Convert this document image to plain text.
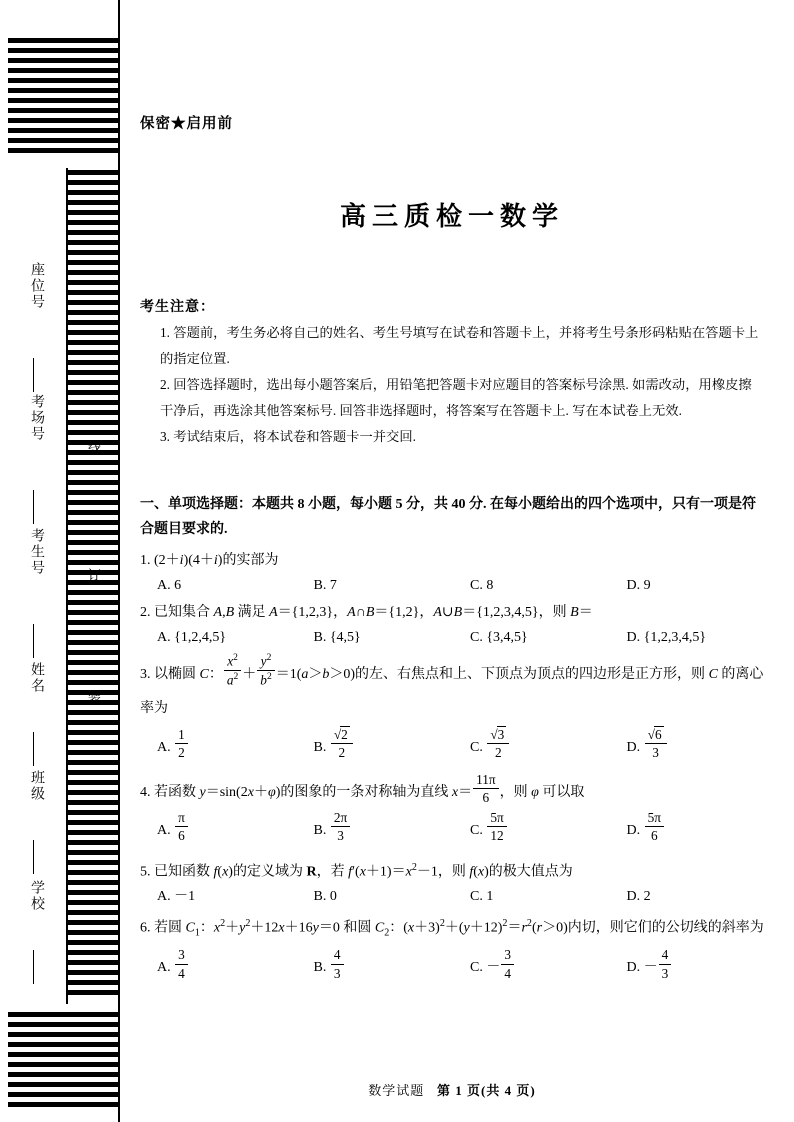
座位号
考场号
考生号
姓名
班级
学校
线
订
装
保密★启用前
高三质检一数学
考生注意：
1. 答题前，考生务必将自己的姓名、考生号填写在试卷和答题卡上，并将考生号条形码粘贴在答题卡上的指定位置.
2. 回答选择题时，选出每小题答案后，用铅笔把答题卡对应题目的答案标号涂黑. 如需改动，用橡皮擦干净后，再选涂其他答案标号. 回答非选择题时，将答案写在答题卡上. 写在本试卷上无效.
3. 考试结束后，将本试卷和答题卡一并交回.
一、单项选择题：本题共 8 小题，每小题 5 分，共 40 分. 在每小题给出的四个选项中，只有一项是符合题目要求的.
1. (2＋i)(4＋i)的实部为
A. 6	B. 7	C. 8	D. 9
2. 已知集合 A,B 满足 A＝{1,2,3}，A∩B＝{1,2}，A∪B＝{1,2,3,4,5}，则 B＝
A. {1,2,4,5}	B. {4,5}	C. {3,4,5}	D. {1,2,3,4,5}
3. 以椭圆 C： $\frac{x^2}{a^2} + \frac{y^2}{b^2} =1(a>b>0)$的左、右焦点和上、下顶点为顶点的四边形是正方形，则 C 的离心率为
A. $\frac{1}{2}$	B. $\frac{√2}{2}$	C. $\frac{√3}{2}$	D. $\frac{√6}{3}$
4. 若函数 y＝sin(2x＋φ)的图象的一条对称轴为直线 $x= \frac{11\pi}{6}$ ，则 φ 可以取
A. $\frac{\pi}{6}$	B. $\frac{2\pi}{3}$	C. $\frac{5\pi}{12}$	D. $\frac{5\pi}{6}$
5. 已知函数 f(x)的定义域为 R，若 $f'(x+1)=x^2-1$，则 f(x)的极大值点为
A. －1	B. 0	C. 1	D. 2
6. 若圆 $C_1$：$x^2+y^2+12x+16y=0$ 和圆 $C_2$：$(x+3)^2+(y+12)^2=r^2(r>0)$内切，则它们的公切线的斜率为
A. $\frac{3}{4}$	B. $\frac{4}{3}$	C. － $\frac{3}{4}$	D. － $\frac{4}{3}$
数学试题 第 1 页(共 4 页)
